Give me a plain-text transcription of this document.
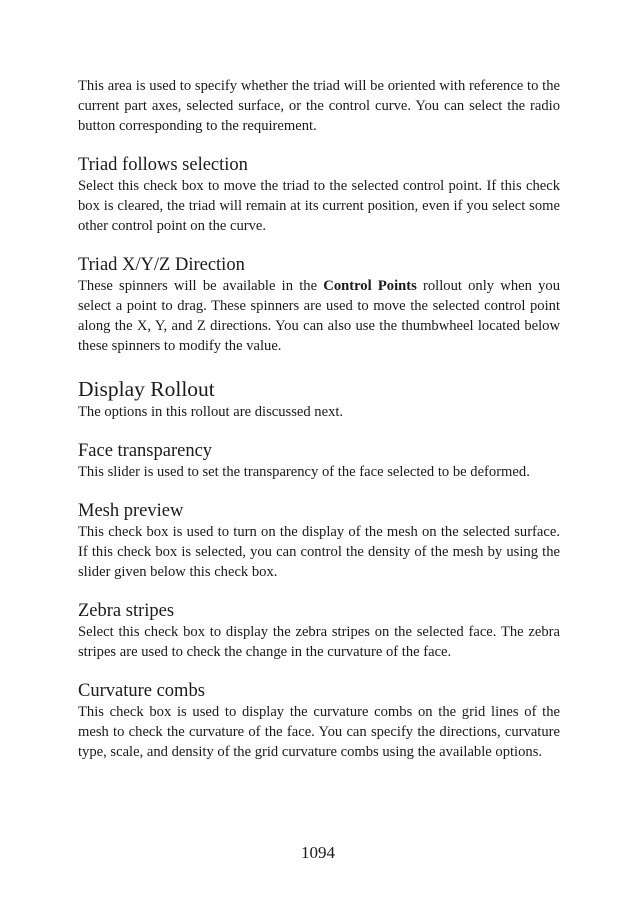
This area is used to specify whether the triad will be oriented with reference to the current part axes, selected surface, or the control curve. You can select the radio button corresponding to the requirement.

Triad follows selection

Select this check box to move the triad to the selected control point. If this check box is cleared, the triad will remain at its current position, even if you select some other control point on the curve.

Triad X/Y/Z Direction

These spinners will be available in the Control Points rollout only when you select a point to drag. These spinners are used to move the selected control point along the X, Y, and Z directions. You can also use the thumbwheel located below these spinners to modify the value.

Display Rollout

The options in this rollout are discussed next.

Face transparency

This slider is used to set the transparency of the face selected to be deformed.

Mesh preview

This check box is used to turn on the display of the mesh on the selected surface. If this check box is selected, you can control the density of the mesh by using the slider given below this check box.

Zebra stripes

Select this check box to display the zebra stripes on the selected face. The zebra stripes are used to check the change in the curvature of the face.

Curvature combs

This check box is used to display the curvature combs on the grid lines of the mesh to check the curvature of the face. You can specify the directions, curvature type, scale, and density of the grid curvature combs using the available options.

1094
